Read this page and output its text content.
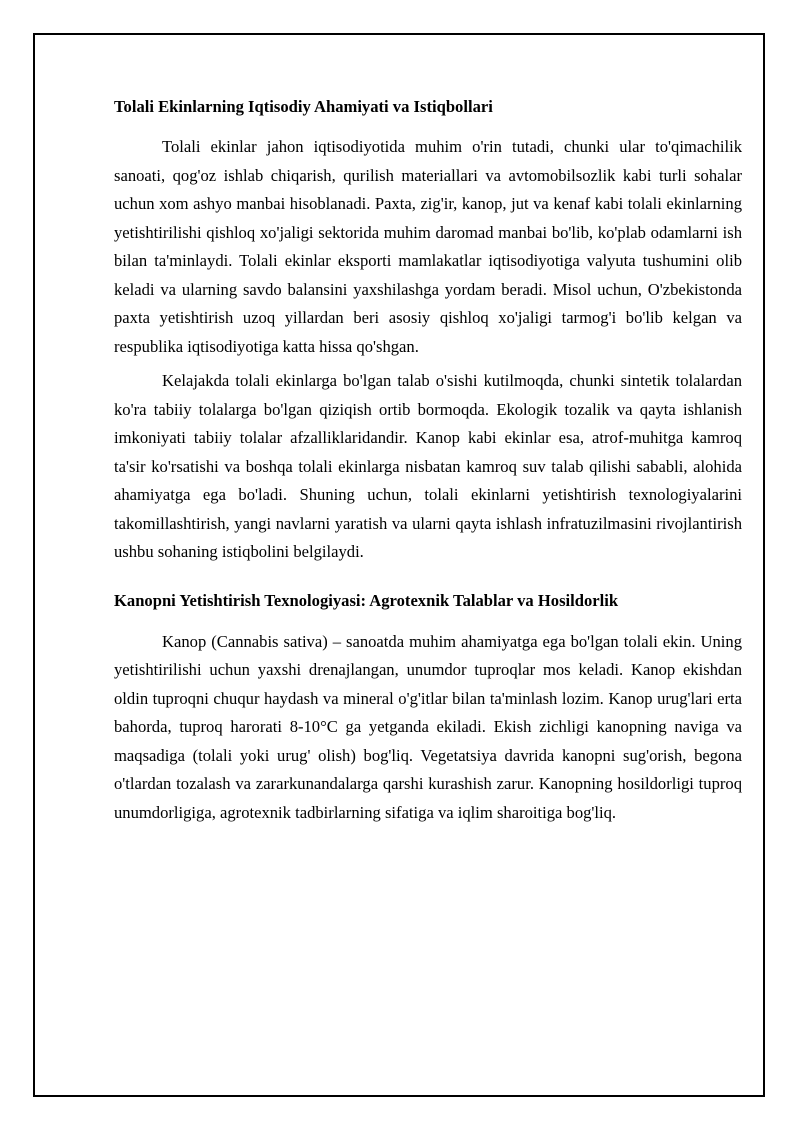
Tolali Ekinlarning Iqtisodiy Ahamiyati va Istiqbollari

Tolali ekinlar jahon iqtisodiyotida muhim o'rin tutadi, chunki ular to'qimachilik sanoati, qog'oz ishlab chiqarish, qurilish materiallari va avtomobilsozlik kabi turli sohalar uchun xom ashyo manbai hisoblanadi. Paxta, zig'ir, kanop, jut va kenaf kabi tolali ekinlarning yetishtirilishi qishloq xo'jaligi sektorida muhim daromad manbai bo'lib, ko'plab odamlarni ish bilan ta'minlaydi. Tolali ekinlar eksporti mamlakatlar iqtisodiyotiga valyuta tushumini olib keladi va ularning savdo balansini yaxshilashga yordam beradi. Misol uchun, O'zbekistonda paxta yetishtirish uzoq yillardan beri asosiy qishloq xo'jaligi tarmog'i bo'lib kelgan va respublika iqtisodiyotiga katta hissa qo'shgan.

Kelajakda tolali ekinlarga bo'lgan talab o'sishi kutilmoqda, chunki sintetik tolalardan ko'ra tabiiy tolalarga bo'lgan qiziqish ortib bormoqda. Ekologik tozalik va qayta ishlanish imkoniyati tabiiy tolalar afzalliklaridandir. Kanop kabi ekinlar esa, atrof-muhitga kamroq ta'sir ko'rsatishi va boshqa tolali ekinlarga nisbatan kamroq suv talab qilishi sababli, alohida ahamiyatga ega bo'ladi. Shuning uchun, tolali ekinlarni yetishtirish texnologiyalarini takomillashtirish, yangi navlarni yaratish va ularni qayta ishlash infratuzilmasini rivojlantirish ushbu sohaning istiqbolini belgilaydi.

Kanopni Yetishtirish Texnologiyasi: Agrotexnik Talablar va Hosildorlik

Kanop (Cannabis sativa) – sanoatda muhim ahamiyatga ega bo'lgan tolali ekin. Uning yetishtirilishi uchun yaxshi drenajlangan, unumdor tuproqlar mos keladi. Kanop ekishdan oldin tuproqni chuqur haydash va mineral o'g'itlar bilan ta'minlash lozim. Kanop urug'lari erta bahorda, tuproq harorati 8-10°C ga yetganda ekiladi. Ekish zichligi kanopning naviga va maqsadiga (tolali yoki urug' olish) bog'liq. Vegetatsiya davrida kanopni sug'orish, begona o'tlardan tozalash va zararkunandalarga qarshi kurashish zarur. Kanopning hosildorligi tuproq unumdorligiga, agrotexnik tadbirlarning sifatiga va iqlim sharoitiga bog'liq.
